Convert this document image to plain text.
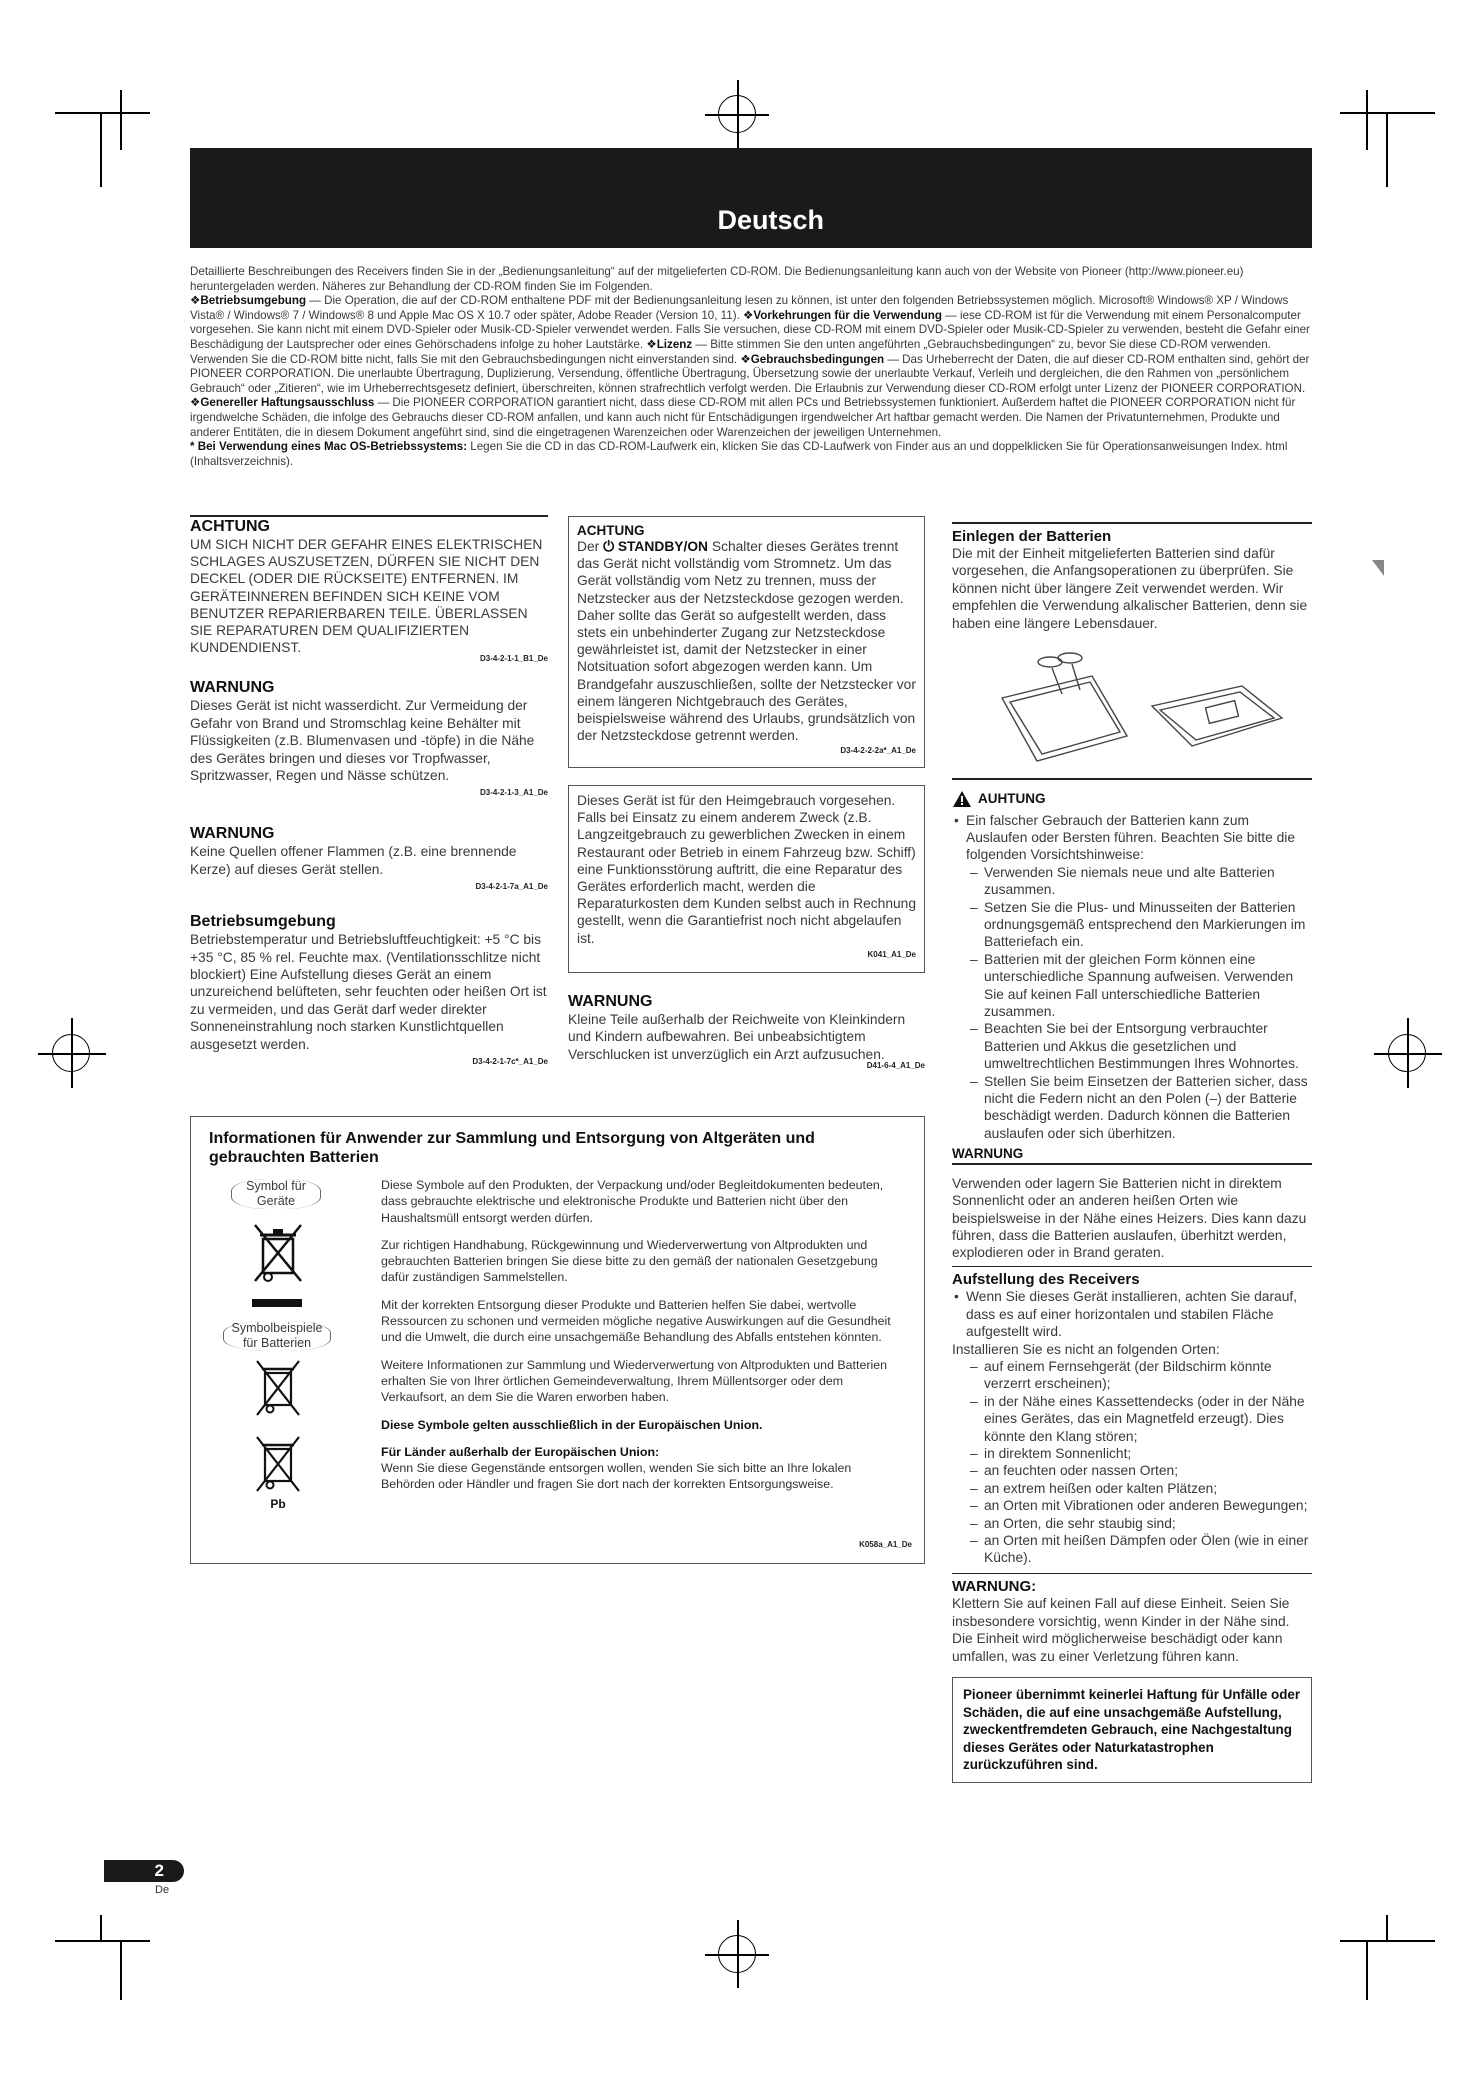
Deutsch

Detaillierte Beschreibungen des Receivers finden Sie in der „Bedienungsanleitung“ auf der mitgelieferten CD-ROM. Die Bedienungsanleitung kann auch von der Website von Pioneer (http://www.pioneer.eu) heruntergeladen werden. Näheres zur Behandlung der CD-ROM finden Sie im Folgenden.

❖Betriebsumgebung — Die Operation, die auf der CD-ROM enthaltene PDF mit der Bedienungsanleitung lesen zu können, ist unter den folgenden Betriebssystemen möglich. Microsoft® Windows® XP / Windows Vista® / Windows® 7 / Windows® 8 und Apple Mac OS X 10.7 oder später, Adobe Reader (Version 10, 11). ❖Vorkehrungen für die Verwendung — iese CD-ROM ist für die Verwendung mit einem Personalcomputer vorgesehen. Sie kann nicht mit einem DVD-Spieler oder Musik-CD-Spieler verwendet werden. Falls Sie versuchen, diese CD-ROM mit einem DVD-Spieler oder Musik-CD-Spieler zu verwenden, besteht die Gefahr einer Beschädigung der Lautsprecher oder eines Gehörschadens infolge zu hoher Lautstärke. ❖Lizenz — Bitte stimmen Sie den unten angeführten „Gebrauchsbedingungen“ zu, bevor Sie diese CD-ROM verwenden. Verwenden Sie die CD-ROM bitte nicht, falls Sie mit den Gebrauchsbedingungen nicht einverstanden sind. ❖Gebrauchsbedingungen — Das Urheberrecht der Daten, die auf dieser CD-ROM enthalten sind, gehört der PIONEER CORPORATION. Die unerlaubte Übertragung, Duplizierung, Versendung, öffentliche Übertragung, Übersetzung sowie der unerlaubte Verkauf, Verleih und dergleichen, die den Rahmen von „persönlichem Gebrauch“ oder „Zitieren“, wie im Urheberrechtsgesetz definiert, überschreiten, können strafrechtlich verfolgt werden. Die Erlaubnis zur Verwendung dieser CD-ROM erfolgt unter Lizenz der PIONEER CORPORATION. ❖Genereller Haftungsausschluss — Die PIONEER CORPORATION garantiert nicht, dass diese CD-ROM mit allen PCs und Betriebssystemen funktioniert. Außerdem haftet die PIONEER CORPORATION nicht für irgendwelche Schäden, die infolge des Gebrauchs dieser CD-ROM anfallen, und kann auch nicht für Entschädigungen irgendwelcher Art haftbar gemacht werden. Die Namen der Privatunternehmen, Produkte und anderer Entitäten, die in diesem Dokument angeführt sind, sind die eingetragenen Warenzeichen oder Warenzeichen der jeweiligen Unternehmen.

* Bei Verwendung eines Mac OS-Betriebssystems: Legen Sie die CD in das CD-ROM-Laufwerk ein, klicken Sie das CD-Laufwerk von Finder aus an und doppelklicken Sie für Operationsanweisungen Index. html (Inhaltsverzeichnis).

ACHTUNG
UM SICH NICHT DER GEFAHR EINES ELEKTRISCHEN SCHLAGES AUSZUSETZEN, DÜRFEN SIE NICHT DEN DECKEL (ODER DIE RÜCKSEITE) ENTFERNEN. IM GERÄTEINNEREN BEFINDEN SICH KEINE VOM BENUTZER REPARIERBAREN TEILE. ÜBERLASSEN SIE REPARATUREN DEM QUALIFIZIERTEN KUNDENDIENST.
D3-4-2-1-1_B1_De
WARNUNG
Dieses Gerät ist nicht wasserdicht. Zur Vermeidung der Gefahr von Brand und Stromschlag keine Behälter mit Flüssigkeiten (z.B. Blumenvasen und -töpfe) in die Nähe des Gerätes bringen und dieses vor Tropfwasser, Spritzwasser, Regen und Nässe schützen.
D3-4-2-1-3_A1_De
WARNUNG
Keine Quellen offener Flammen (z.B. eine brennende Kerze) auf dieses Gerät stellen.
D3-4-2-1-7a_A1_De
Betriebsumgebung
Betriebstemperatur und Betriebsluftfeuchtigkeit: +5 °C bis +35 °C, 85 % rel. Feuchte max. (Ventilationsschlitze nicht blockiert) Eine Aufstellung dieses Gerät an einem unzureichend belüfteten, sehr feuchten oder heißen Ort ist zu vermeiden, und das Gerät darf weder direkter Sonneneinstrahlung noch starken Kunstlichtquellen ausgesetzt werden.
D3-4-2-1-7c*_A1_De
ACHTUNG
Der ⏻ STANDBY/ON Schalter dieses Gerätes trennt das Gerät nicht vollständig vom Stromnetz. Um das Gerät vollständig vom Netz zu trennen, muss der Netzstecker aus der Netzsteckdose gezogen werden. Daher sollte das Gerät so aufgestellt werden, dass stets ein unbehinderter Zugang zur Netzsteckdose gewährleistet ist, damit der Netzstecker in einer Notsituation sofort abgezogen werden kann. Um Brandgefahr auszuschließen, sollte der Netzstecker vor einem längeren Nichtgebrauch des Gerätes, beispielsweise während des Urlaubs, grundsätzlich von der Netzsteckdose getrennt werden.
D3-4-2-2-2a*_A1_De
Dieses Gerät ist für den Heimgebrauch vorgesehen. Falls bei Einsatz zu einem anderem Zweck (z.B. Langzeitgebrauch zu gewerblichen Zwecken in einem Restaurant oder Betrieb in einem Fahrzeug bzw. Schiff) eine Funktionsstörung auftritt, die eine Reparatur des Gerätes erforderlich macht, werden die Reparaturkosten dem Kunden selbst auch in Rechnung gestellt, wenn die Garantiefrist noch nicht abgelaufen ist.
K041_A1_De
WARNUNG
Kleine Teile außerhalb der Reichweite von Kleinkindern und Kindern aufbewahren. Bei unbeabsichtigtem Verschlucken ist unverzüglich ein Arzt aufzusuchen.
D41-6-4_A1_De
Informationen für Anwender zur Sammlung und Entsorgung von Altgeräten und gebrauchten Batterien
Symbol für
Geräte
Symbolbeispiele
für Batterien
Pb

Diese Symbole auf den Produkten, der Verpackung und/oder Begleitdokumenten bedeuten, dass gebrauchte elektrische und elektronische Produkte und Batterien nicht über den Haushaltsmüll entsorgt werden dürfen.

Zur richtigen Handhabung, Rückgewinnung und Wiederverwertung von Altprodukten und gebrauchten Batterien bringen Sie diese bitte zu den gemäß der nationalen Gesetzgebung dafür zuständigen Sammelstellen.

Mit der korrekten Entsorgung dieser Produkte und Batterien helfen Sie dabei, wertvolle Ressourcen zu schonen und vermeiden mögliche negative Auswirkungen auf die Gesundheit und die Umwelt, die durch eine unsachgemäße Behandlung des Abfalls entstehen könnten.

Weitere Informationen zur Sammlung und Wiederverwertung von Altprodukten und Batterien erhalten Sie von Ihrer örtlichen Gemeindeverwaltung, Ihrem Müllentsorger oder dem Verkaufsort, an dem Sie die Waren erworben haben.

Diese Symbole gelten ausschließlich in der Europäischen Union.

Für Länder außerhalb der Europäischen Union:

Wenn Sie diese Gegenstände entsorgen wollen, wenden Sie sich bitte an Ihre lokalen Behörden oder Händler und fragen Sie dort nach der korrekten Entsorgungsweise.

K058a_A1_De
Einlegen der Batterien
Die mit der Einheit mitgelieferten Batterien sind dafür vorgesehen, die Anfangsoperationen zu überprüfen. Sie können nicht über längere Zeit verwendet werden. Wir empfehlen die Verwendung alkalischer Batterien, denn sie haben eine längere Lebensdauer.
AUHTUNG
• Ein falscher Gebrauch der Batterien kann zum Auslaufen oder Bersten führen. Beachten Sie bitte die folgenden Vorsichtshinweise:
– Verwenden Sie niemals neue und alte Batterien zusammen.
– Setzen Sie die Plus- und Minusseiten der Batterien ordnungsgemäß entsprechend den Markierungen im Batteriefach ein.
– Batterien mit der gleichen Form können eine unterschiedliche Spannung aufweisen. Verwenden Sie auf keinen Fall unterschiedliche Batterien zusammen.
– Beachten Sie bei der Entsorgung verbrauchter Batterien und Akkus die gesetzlichen und umweltrechtlichen Bestimmungen Ihres Wohnortes.
– Stellen Sie beim Einsetzen der Batterien sicher, dass nicht die Federn nicht an den Polen (–) der Batterie beschädigt werden. Dadurch können die Batterien auslaufen oder sich überhitzen.
WARNUNG
Verwenden oder lagern Sie Batterien nicht in direktem Sonnenlicht oder an anderen heißen Orten wie beispielsweise in der Nähe eines Heizers. Dies kann dazu führen, dass die Batterien auslaufen, überhitzt werden, explodieren oder in Brand geraten.
Aufstellung des Receivers
• Wenn Sie dieses Gerät installieren, achten Sie darauf, dass es auf einer horizontalen und stabilen Fläche aufgestellt wird.
Installieren Sie es nicht an folgenden Orten:
– auf einem Fernsehgerät (der Bildschirm könnte verzerrt erscheinen);
– in der Nähe eines Kassettendecks (oder in der Nähe eines Gerätes, das ein Magnetfeld erzeugt). Dies könnte den Klang stören;
– in direktem Sonnenlicht;
– an feuchten oder nassen Orten;
– an extrem heißen oder kalten Plätzen;
– an Orten mit Vibrationen oder anderen Bewegungen;
– an Orten, die sehr staubig sind;
– an Orten mit heißen Dämpfen oder Ölen (wie in einer Küche).
WARNUNG:
Klettern Sie auf keinen Fall auf diese Einheit. Seien Sie insbesondere vorsichtig, wenn Kinder in der Nähe sind. Die Einheit wird möglicherweise beschädigt oder kann umfallen, was zu einer Verletzung führen kann.
Pioneer übernimmt keinerlei Haftung für Unfälle oder Schäden, die auf eine unsachgemäße Aufstellung, zweckentfremdeten Gebrauch, eine Nachgestaltung dieses Gerätes oder Naturkatastrophen zurückzuführen sind.
2
De
